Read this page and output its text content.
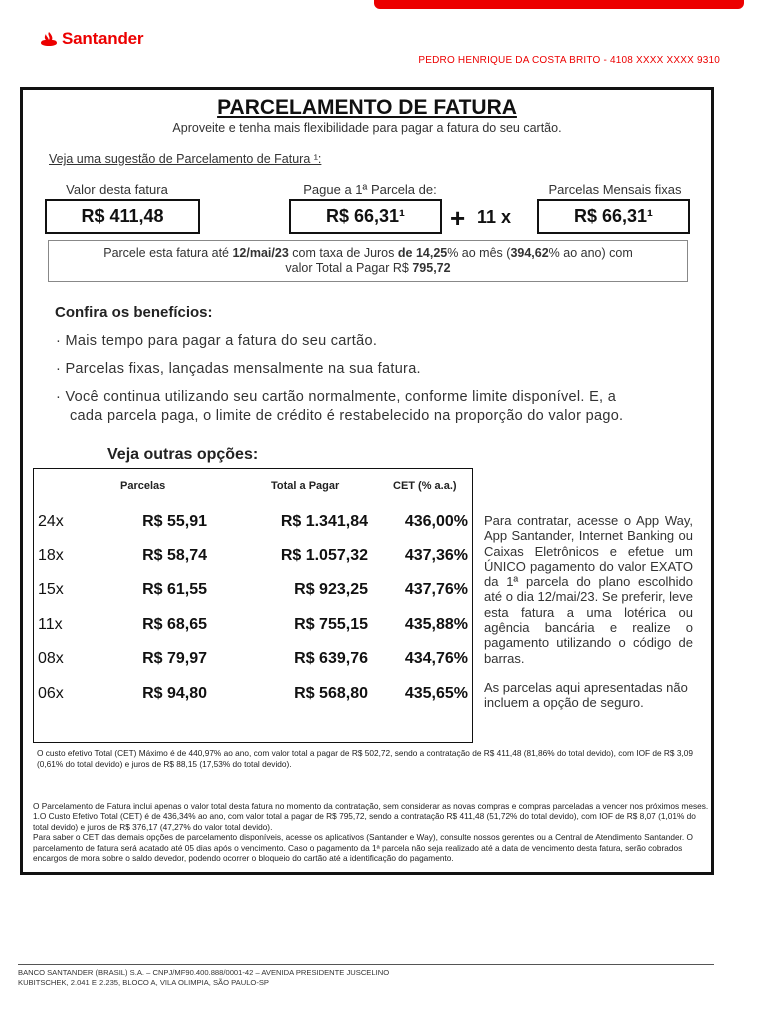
Santander
PEDRO HENRIQUE DA COSTA BRITO - 4108 XXXX XXXX 9310
PARCELAMENTO DE FATURA
Aproveite e tenha mais flexibilidade para pagar a fatura do seu cartão.
Veja uma sugestão de Parcelamento de Fatura ¹:
Valor desta fatura	Pague a 1ª Parcela de:	Parcelas Mensais fixas
R$ 411,48	R$ 66,31¹ + 11 x	R$ 66,31¹
Parcele esta fatura até 12/mai/23 com taxa de Juros de 14,25% ao mês (394,62% ao ano) com
valor Total a Pagar R$ 795,72
Confira os benefícios:
· Mais tempo para pagar a fatura do seu cartão.
· Parcelas fixas, lançadas mensalmente na sua fatura.
· Você continua utilizando seu cartão normalmente, conforme limite disponível. E, a
cada parcela paga, o limite de crédito é restabelecido na proporção do valor pago.
Veja outras opções:
Parcelas	Total a Pagar	CET (% a.a.)
24x	R$ 55,91	R$ 1.341,84 436,00%
18x	R$ 58,74	R$ 1.057,32 437,36%
15x	R$ 61,55	R$ 923,25 437,76%
11x	R$ 68,65	R$ 755,15 435,88%
08x	R$ 79,97	R$ 639,76 434,76%
06x	R$ 94,80	R$ 568,80 435,65%
Para contratar, acesse o App Way, App Santander, Internet Banking ou Caixas Eletrônicos e efetue um ÚNICO pagamento do valor EXATO da 1ª parcela do plano escolhido até o dia 12/mai/23. Se preferir, leve esta fatura a uma lotérica ou agência bancária e realize o pagamento utilizando o código de barras.
As parcelas aqui apresentadas não incluem a opção de seguro.
O custo efetivo Total (CET) Máximo é de 440,97% ao ano, com valor total a pagar de R$ 502,72, sendo a contratação de R$ 411,48 (81,86% do total devido), com IOF de R$ 3,09 (0,61% do total devido) e juros de R$ 88,15 (17,53% do total devido).
O Parcelamento de Fatura inclui apenas o valor total desta fatura no momento da contratação, sem considerar as novas compras e compras parceladas a vencer nos próximos meses. 1.O Custo Efetivo Total (CET) é de 436,34% ao ano, com valor total a pagar de R$ 795,72, sendo a contratação R$ 411,48 (51,72% do total devido), com IOF de R$ 8,07 (1,01% do total devido) e juros de R$ 376,17 (47,27% do valor total devido).
Para saber o CET das demais opções de parcelamento disponíveis, acesse os aplicativos (Santander e Way), consulte nossos gerentes ou a Central de Atendimento Santander. O parcelamento de fatura será acatado até 05 dias após o vencimento. Caso o pagamento da 1ª parcela não seja realizado até a data de vencimento desta fatura, serão cobrados encargos de mora sobre o saldo devedor, podendo ocorrer o bloqueio do cartão até a identificação do pagamento.
BANCO SANTANDER (BRASIL) S.A. – CNPJ/MF90.400.888/0001-42 – AVENIDA PRESIDENTE JUSCELINO
KUBITSCHEK, 2.041 E 2.235, BLOCO A, VILA OLIMPIA, SÃO PAULO-SP
